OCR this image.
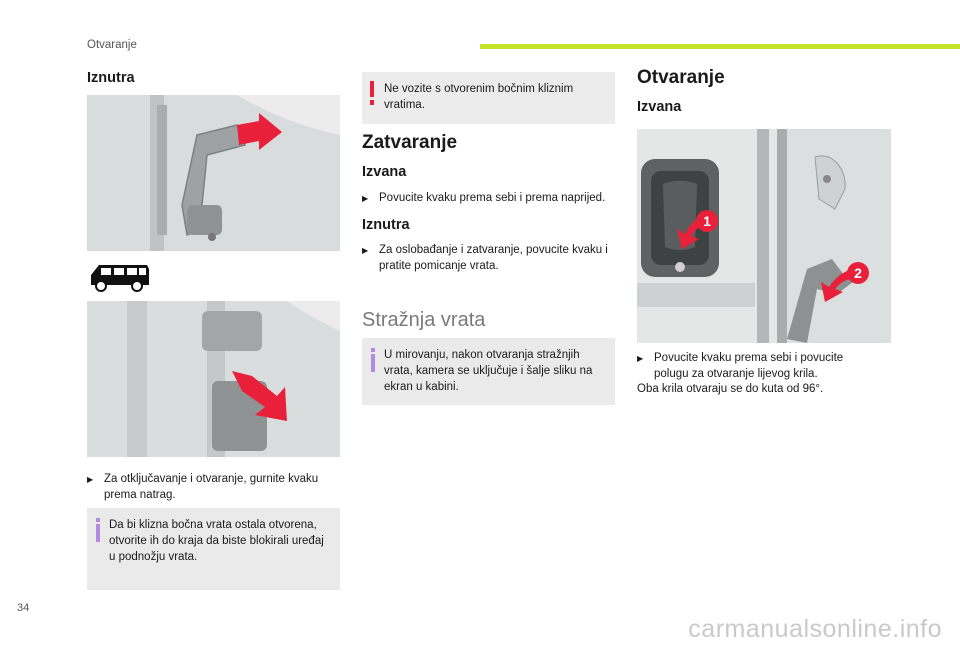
Otvaranje
Iznutra
▶ Za otključavanje i otvaranje, gurnite kvaku prema natrag.
Da bi klizna bočna vrata ostala otvorena, otvorite ih do kraja da biste blokirali uređaj u podnožju vrata.
Ne vozite s otvorenim bočnim kliznim vratima.
Zatvaranje
Izvana
▶ Povucite kvaku prema sebi i prema naprijed.
Iznutra
▶ Za oslobađanje i zatvaranje, povucite kvaku i pratite pomicanje vrata.
Stražnja vrata
U mirovanju, nakon otvaranja stražnjih vrata, kamera se uključuje i šalje sliku na ekran u kabini.
Otvaranje
Izvana
1
2
▶ Povucite kvaku prema sebi i povucite polugu za otvaranje lijevog krila.
Oba krila otvaraju se do kuta od 96°.
34
carmanualsonline.info
